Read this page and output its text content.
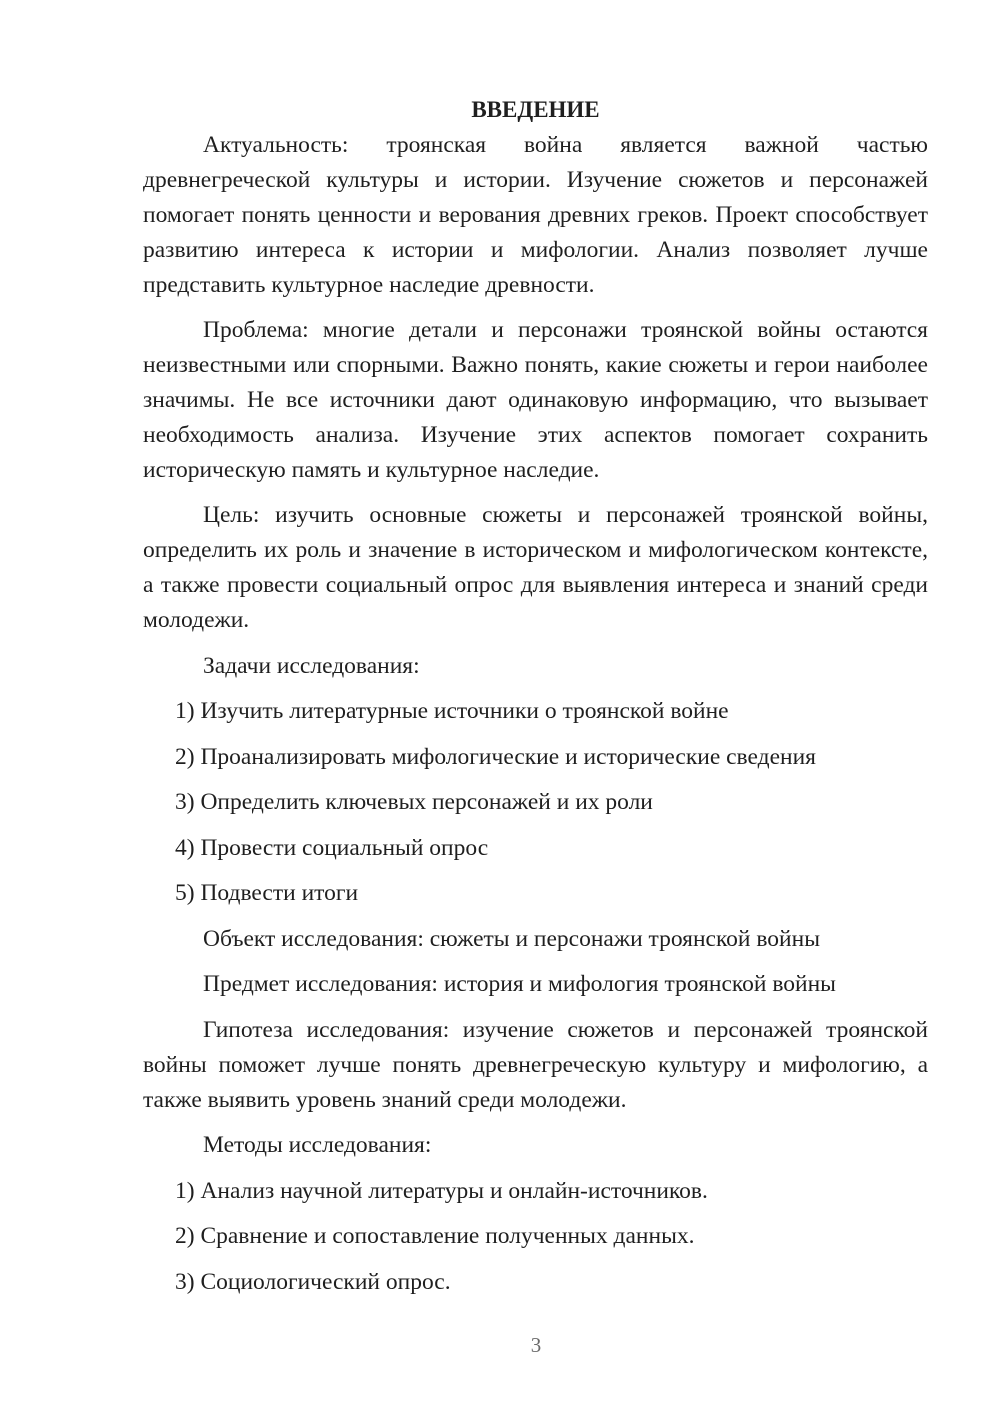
ВВЕДЕНИЕ

Актуальность: троянская война является важной частью древнегреческой культуры и истории. Изучение сюжетов и персонажей помогает понять ценности и верования древних греков. Проект способствует развитию интереса к истории и мифологии. Анализ позволяет лучше представить культурное наследие древности.

Проблема: многие детали и персонажи троянской войны остаются неизвестными или спорными. Важно понять, какие сюжеты и герои наиболее значимы. Не все источники дают одинаковую информацию, что вызывает необходимость анализа. Изучение этих аспектов помогает сохранить историческую память и культурное наследие.

Цель: изучить основные сюжеты и персонажей троянской войны, определить их роль и значение в историческом и мифологическом контексте, а также провести социальный опрос для выявления интереса и знаний среди молодежи.

Задачи исследования:

1) Изучить литературные источники о троянской войне

2) Проанализировать мифологические и исторические сведения

3) Определить ключевых персонажей и их роли

4) Провести социальный опрос

5) Подвести итоги

Объект исследования: сюжеты и персонажи троянской войны

Предмет исследования: история и мифология троянской войны

Гипотеза исследования: изучение сюжетов и персонажей троянской войны поможет лучше понять древнегреческую культуру и мифологию, а также выявить уровень знаний среди молодежи.

Методы исследования:

1) Анализ научной литературы и онлайн-источников.

2) Сравнение и сопоставление полученных данных.

3) Социологический опрос.

3
